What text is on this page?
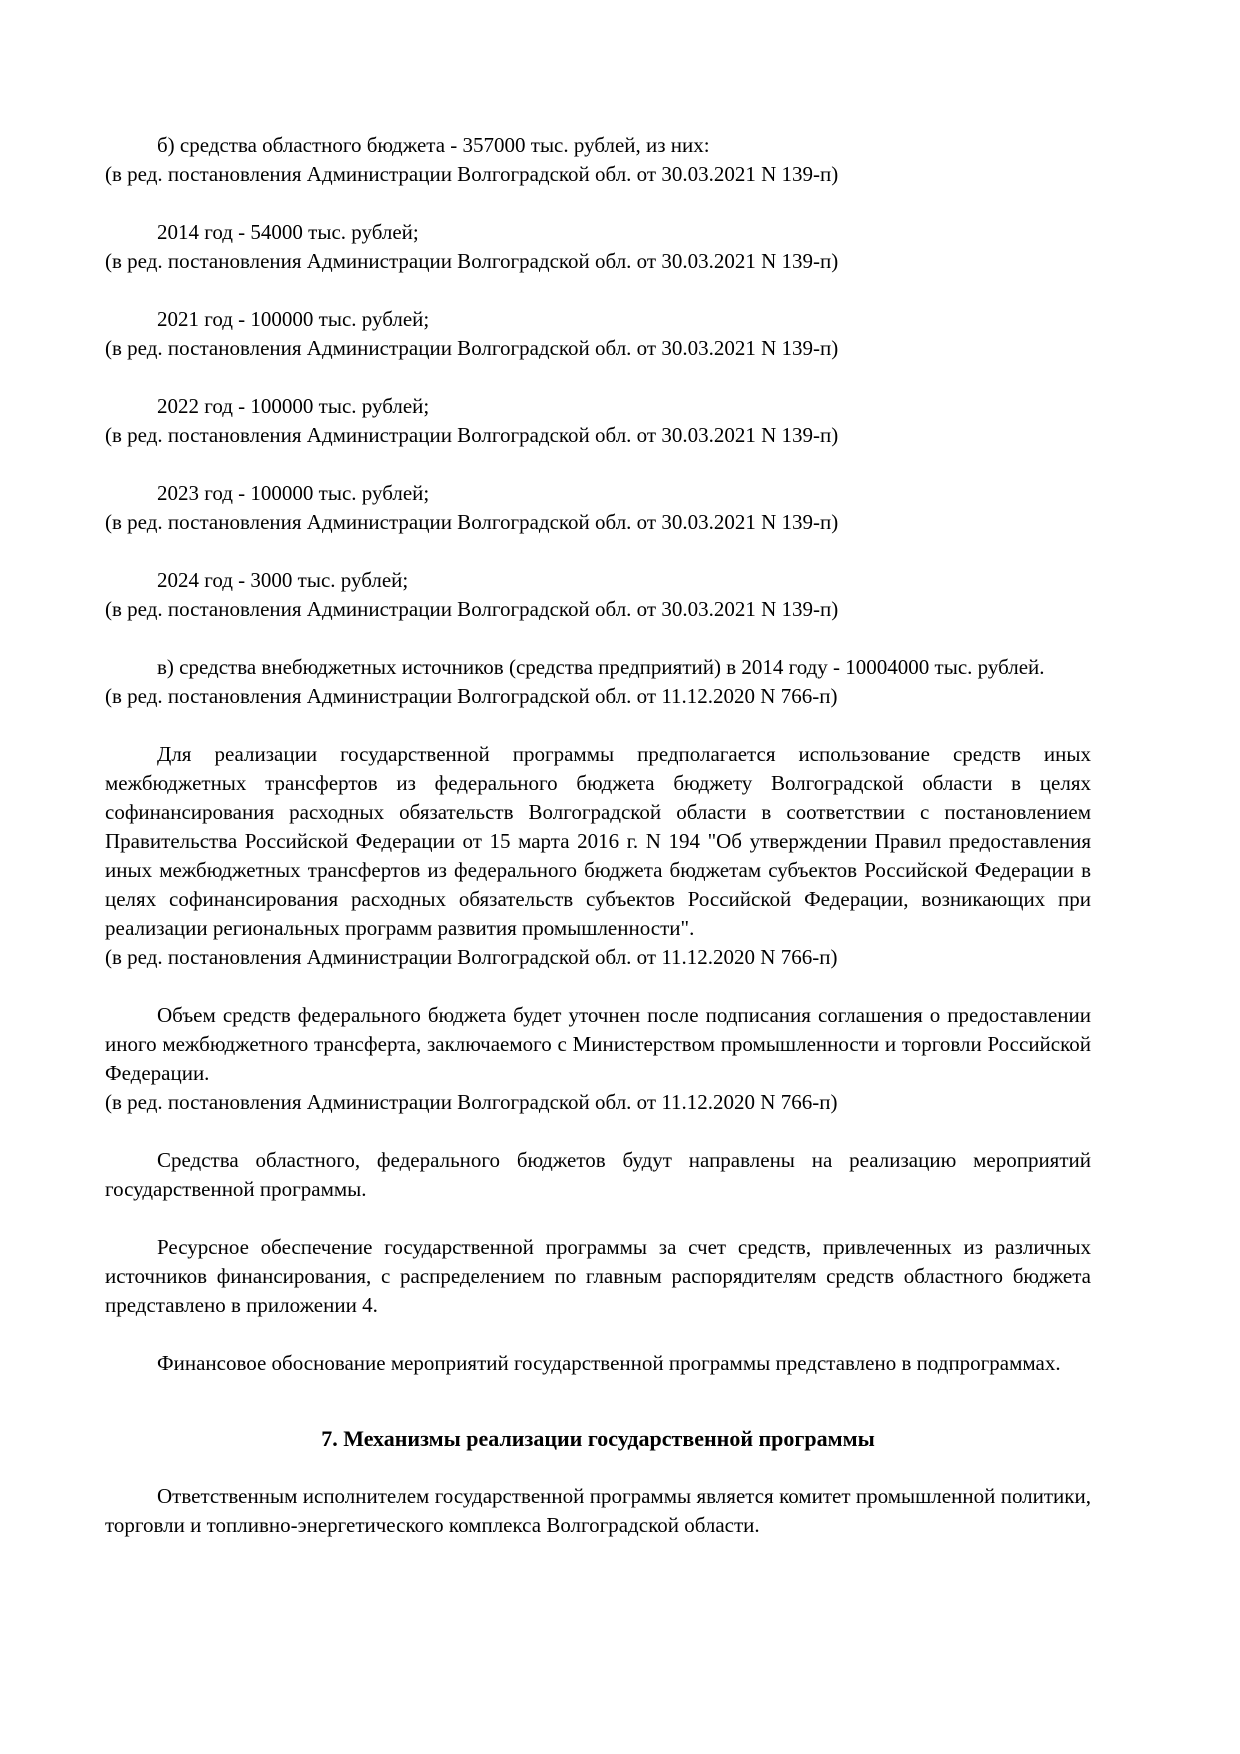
б) средства областного бюджета - 357000 тыс. рублей, из них:

(в ред. постановления Администрации Волгоградской обл. от 30.03.2021 N 139-п)

2014 год - 54000 тыс. рублей;

(в ред. постановления Администрации Волгоградской обл. от 30.03.2021 N 139-п)

2021 год - 100000 тыс. рублей;

(в ред. постановления Администрации Волгоградской обл. от 30.03.2021 N 139-п)

2022 год - 100000 тыс. рублей;

(в ред. постановления Администрации Волгоградской обл. от 30.03.2021 N 139-п)

2023 год - 100000 тыс. рублей;

(в ред. постановления Администрации Волгоградской обл. от 30.03.2021 N 139-п)

2024 год - 3000 тыс. рублей;

(в ред. постановления Администрации Волгоградской обл. от 30.03.2021 N 139-п)

в) средства внебюджетных источников (средства предприятий) в 2014 году - 10004000 тыс. рублей.

(в ред. постановления Администрации Волгоградской обл. от 11.12.2020 N 766-п)

Для реализации государственной программы предполагается использование средств иных межбюджетных трансфертов из федерального бюджета бюджету Волгоградской области в целях софинансирования расходных обязательств Волгоградской области в соответствии с постановлением Правительства Российской Федерации от 15 марта 2016 г. N 194 "Об утверждении Правил предоставления иных межбюджетных трансфертов из федерального бюджета бюджетам субъектов Российской Федерации в целях софинансирования расходных обязательств субъектов Российской Федерации, возникающих при реализации региональных программ развития промышленности".

(в ред. постановления Администрации Волгоградской обл. от 11.12.2020 N 766-п)

Объем средств федерального бюджета будет уточнен после подписания соглашения о предоставлении иного межбюджетного трансферта, заключаемого с Министерством промышленности и торговли Российской Федерации.

(в ред. постановления Администрации Волгоградской обл. от 11.12.2020 N 766-п)

Средства областного, федерального бюджетов будут направлены на реализацию мероприятий государственной программы.

Ресурсное обеспечение государственной программы за счет средств, привлеченных из различных источников финансирования, с распределением по главным распорядителям средств областного бюджета представлено в приложении 4.

Финансовое обоснование мероприятий государственной программы представлено в подпрограммах.

7. Механизмы реализации государственной программы

Ответственным исполнителем государственной программы является комитет промышленной политики, торговли и топливно-энергетического комплекса Волгоградской области.
